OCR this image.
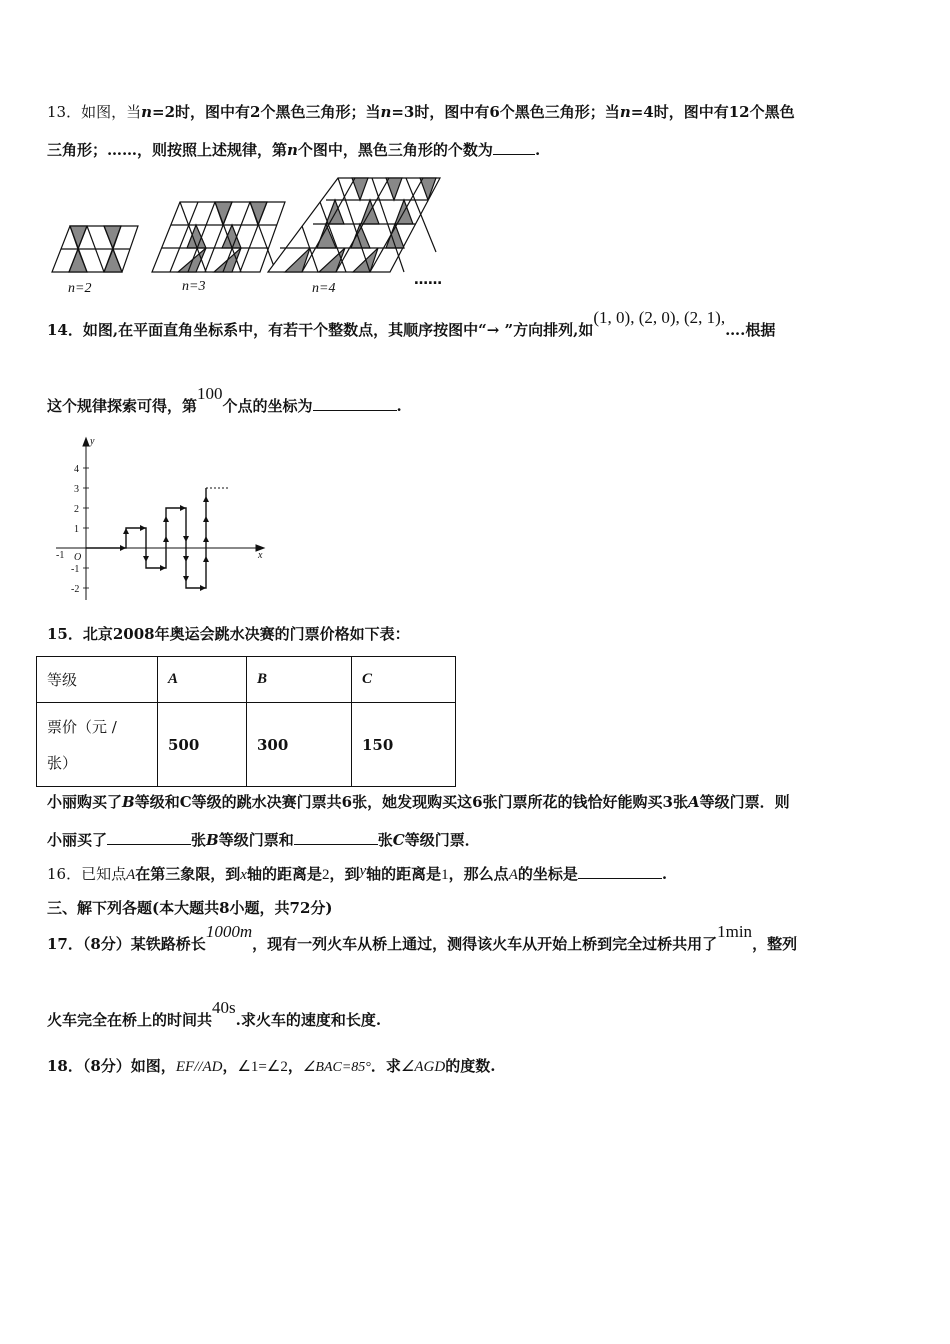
13．如图，当n=2时，图中有2个黑色三角形；当n=3时，图中有6个黑色三角形；当n=4时，图中有12个黑色
三角形；……，则按照上述规律，第n个图中，黑色三角形的个数为	.
n=2	n=3	n=4
……
14．如图,在平面直角坐标系中，有若干个整数点，其顺序按图中“→ ”方向排列,如(1, 0), (2, 0), (2, 1),….根据
这个规律探索可得，第100个点的坐标为	.
4
3
2
1
-1
-2
-1 O
y
x
15．北京2008年奥运会跳水决赛的门票价格如下表：
等级	A	B	C
票价（元 /
张）	500	300	150
小丽购买了B等级和C等级的跳水决赛门票共6张，她发现购买这6张门票所花的钱恰好能购买3张A等级门票．则
小丽买了	张B等级门票和	张C等级门票．
16．已知点A在第三象限，到x轴的距离是2，到y轴的距离是1，那么点A的坐标是	.
三、解下列各题(本大题共8小题，共72分)
17．（8分）某铁路桥长1000m，现有一列火车从桥上通过，测得该火车从开始上桥到完全过桥共用了1min，整列
火车完全在桥上的时间共40s.求火车的速度和长度.
18．（8分）如图，EF//AD，∠1=∠2，∠BAC=85°．求∠AGD的度数.
